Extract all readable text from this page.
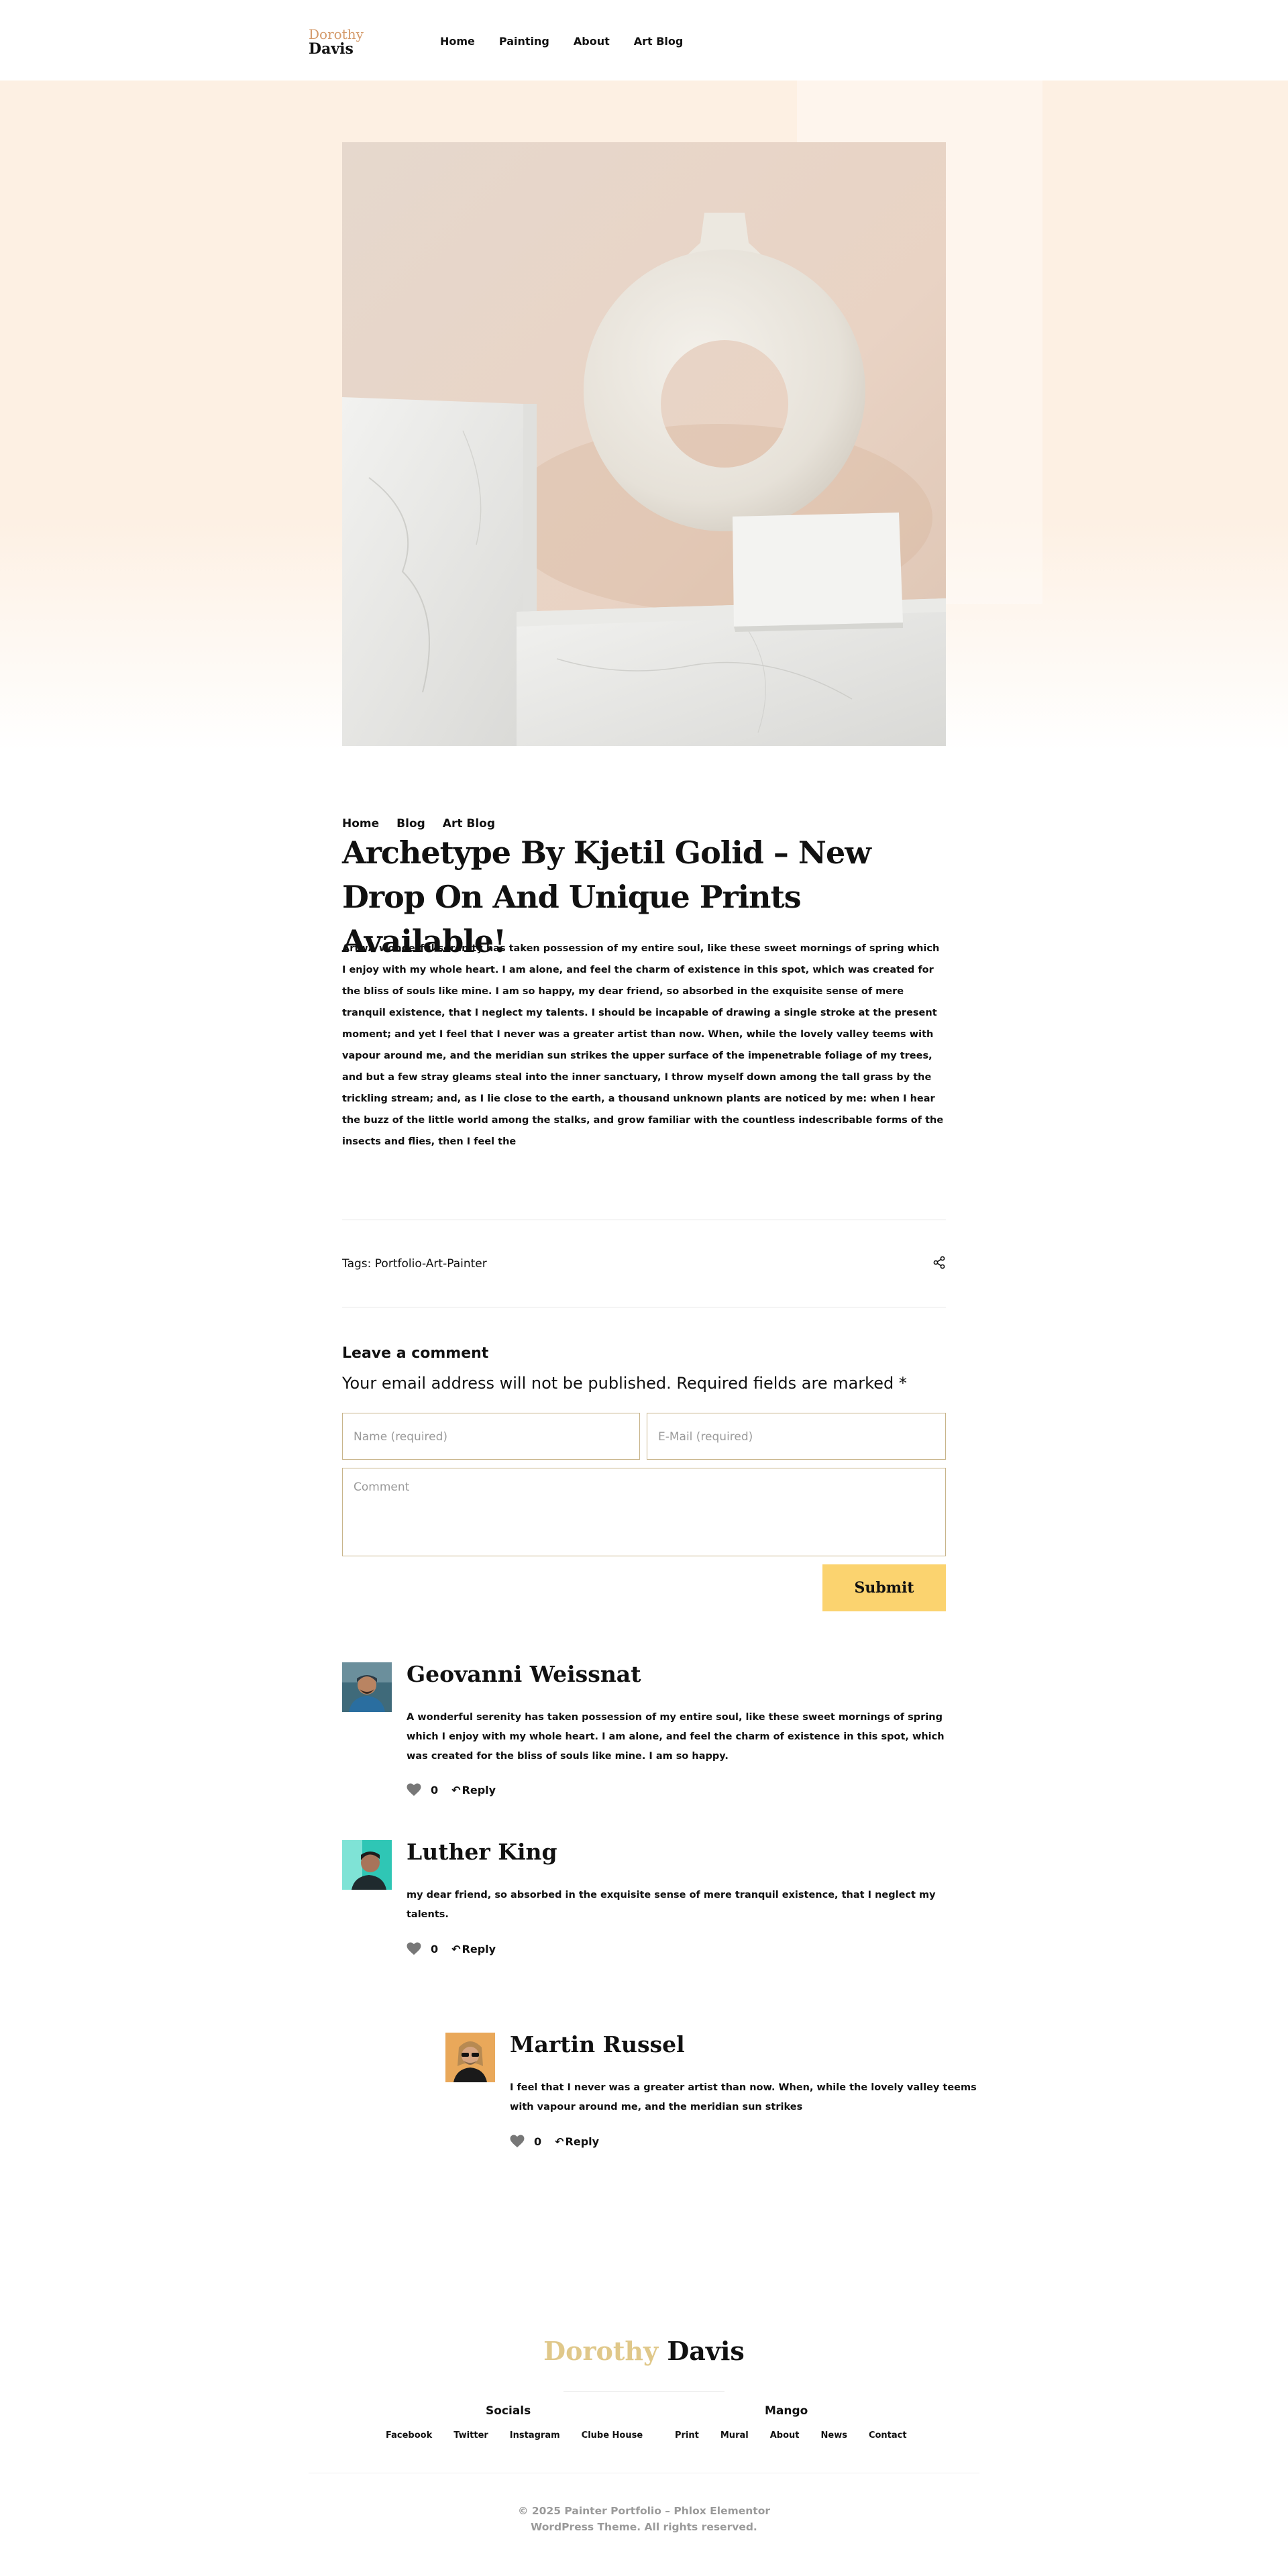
Dorothy
Davis	Home Painting About Art Blog
Home Blog Art Blog
Archetype By Kjetil Golid – New Drop On And Unique Prints Available!

ArtwA wonderful serenity has taken possession of my entire soul, like these sweet mornings of spring which I enjoy with my whole heart. I am alone, and feel the charm of existence in this spot, which was created for the bliss of souls like mine. I am so happy, my dear friend, so absorbed in the exquisite sense of mere tranquil existence, that I neglect my talents. I should be incapable of drawing a single stroke at the present moment; and yet I feel that I never was a greater artist than now. When, while the lovely valley teems with vapour around me, and the meridian sun strikes the upper surface of the impenetrable foliage of my trees, and but a few stray gleams steal into the inner sanctuary, I throw myself down among the tall grass by the trickling stream; and, as I lie close to the earth, a thousand unknown plants are noticed by me: when I hear the buzz of the little world among the stalks, and grow familiar with the countless indescribable forms of the insects and flies, then I feel the

Tags: Portfolio-Art-Painter
Leave a comment
Your email address will not be published. Required fields are marked *
Name (required)	E-Mail (required)
Comment
Submit
Geovanni Weissnat
A wonderful serenity has taken possession of my entire soul, like these sweet mornings of spring which I enjoy with my whole heart. I am alone, and feel the charm of existence in this spot, which was created for the bliss of souls like mine. I am so happy.
0 ↶ Reply
Luther King
my dear friend, so absorbed in the exquisite sense of mere tranquil existence, that I neglect my talents.
0 ↶ Reply
Martin Russel
I feel that I never was a greater artist than now. When, while the lovely valley teems with vapour around me, and the meridian sun strikes
0 ↶ Reply
Dorothy Davis
Socials
Facebook Twitter Instagram Clube House
Mango
Print Mural About News Contact
© 2025 Painter Portfolio – Phlox Elementor
WordPress Theme. All rights reserved.
